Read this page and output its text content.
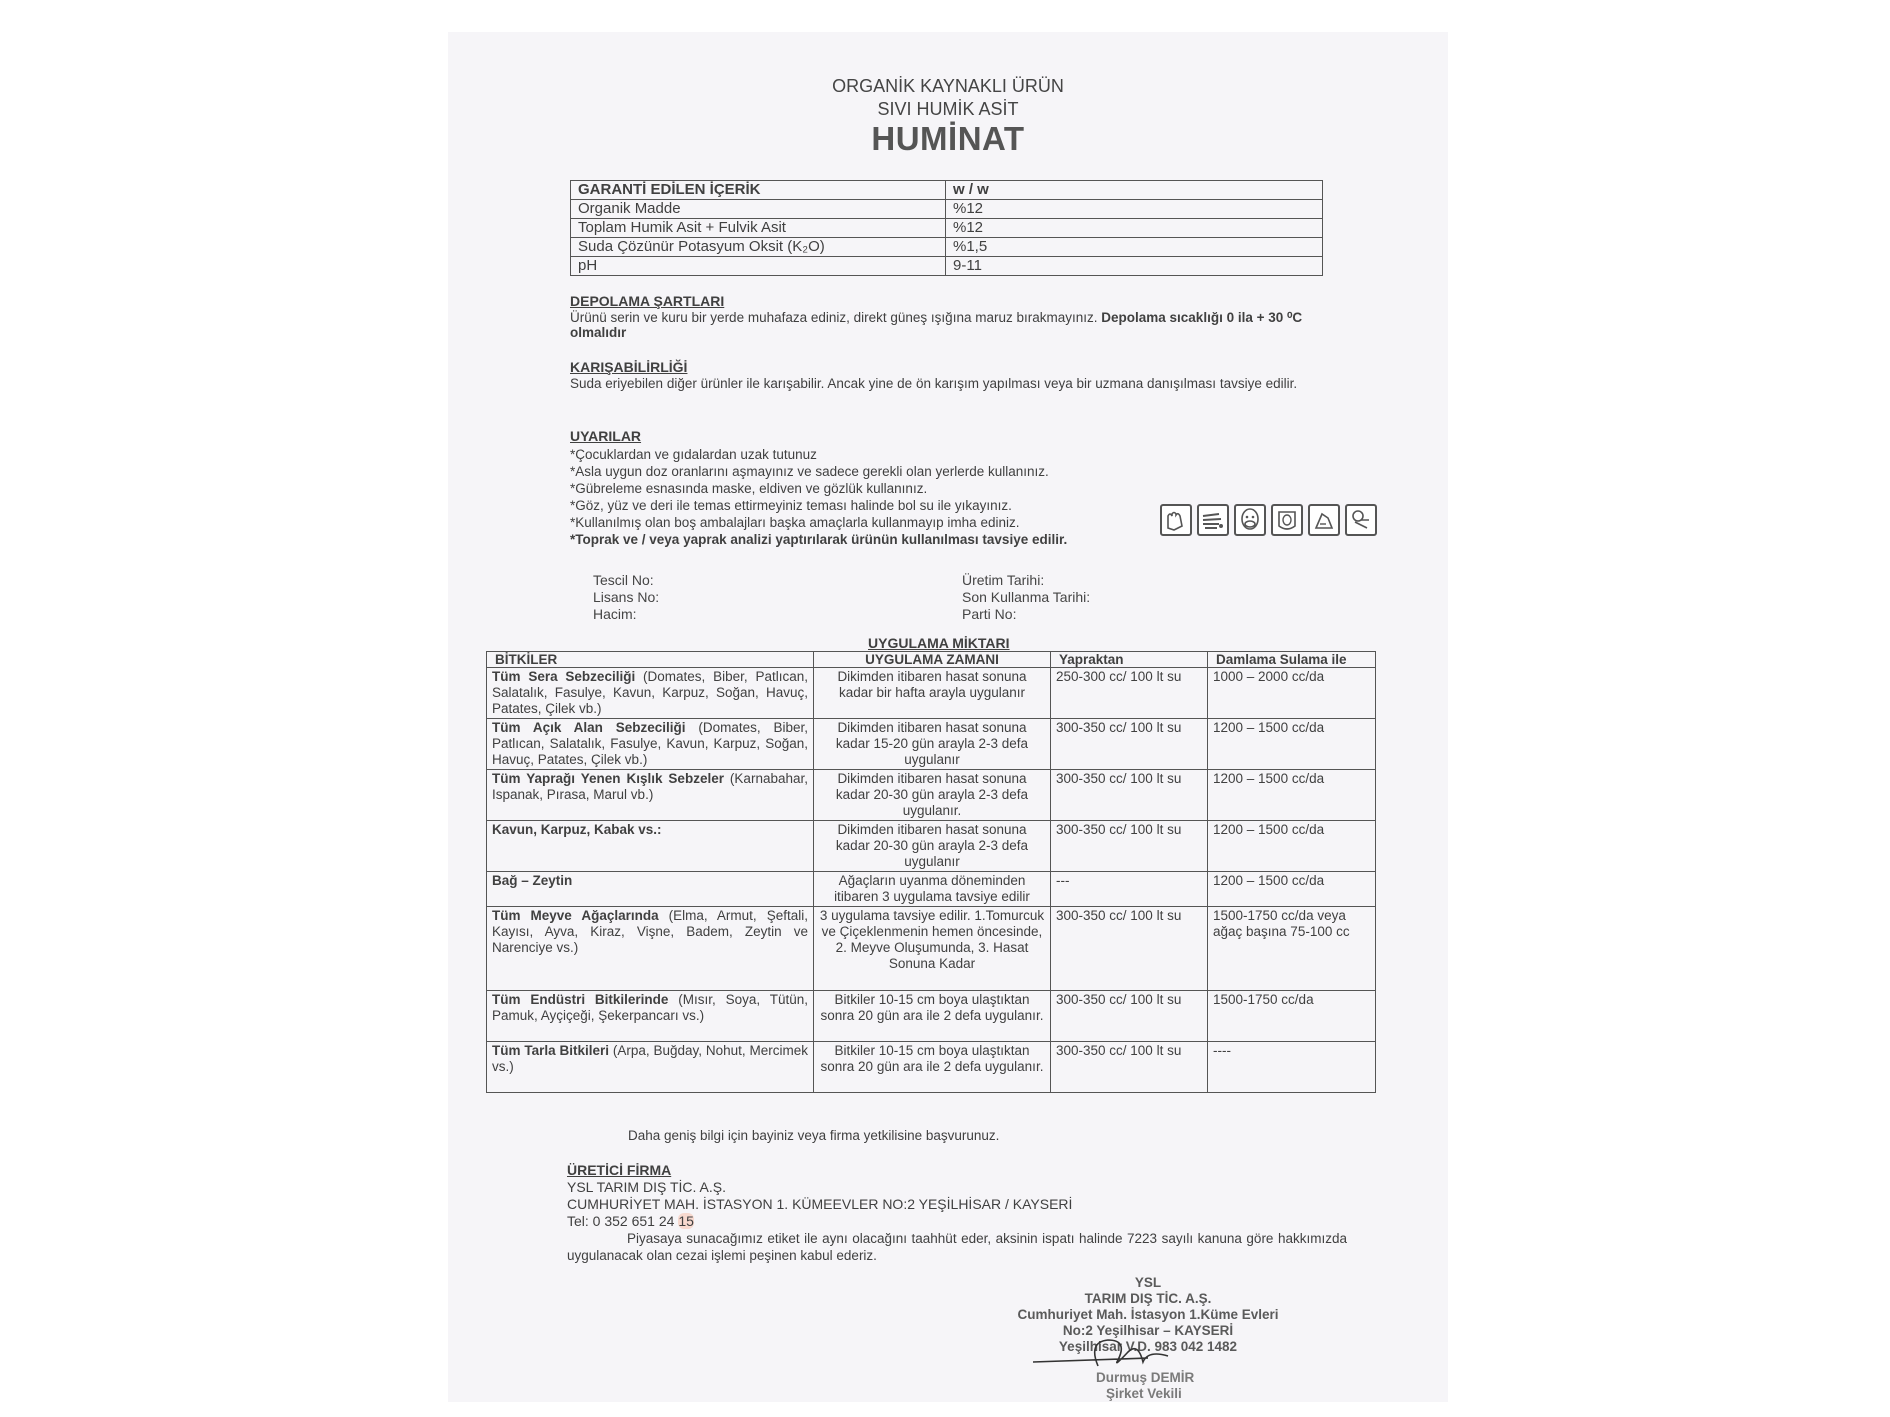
ORGANİK KAYNAKLI ÜRÜN
SIVI HUMİK ASİT
HUMİNAT
GARANTİ EDİLEN İÇERİK	w / w
Organik Madde	%12
Toplam Humik Asit + Fulvik Asit	%12
Suda Çözünür Potasyum Oksit (K₂O)	%1,5
pH	9-11
DEPOLAMA ŞARTLARI
Ürünü serin ve kuru bir yerde muhafaza ediniz, direkt güneş ışığına maruz bırakmayınız. Depolama sıcaklığı 0 ila + 30 ⁰C olmalıdır
KARIŞABİLİRLİĞİ
Suda eriyebilen diğer ürünler ile karışabilir. Ancak yine de ön karışım yapılması veya bir uzmana danışılması tavsiye edilir.
UYARILAR
*Çocuklardan ve gıdalardan uzak tutunuz
*Asla uygun doz oranlarını aşmayınız ve sadece gerekli olan yerlerde kullanınız.
*Gübreleme esnasında maske, eldiven ve gözlük kullanınız.
*Göz, yüz ve deri ile temas ettirmeyiniz teması halinde bol su ile yıkayınız.
*Kullanılmış olan boş ambalajları başka amaçlarla kullanmayıp imha ediniz.
*Toprak ve / veya yaprak analizi yaptırılarak ürünün kullanılması tavsiye edilir.
Tescil No:
Lisans No:
Hacim:
Üretim Tarihi:
Son Kullanma Tarihi:
Parti No:
UYGULAMA MİKTARI
BİTKİLER	UYGULAMA ZAMANI	Yapraktan	Damlama Sulama ile
Tüm Sera Sebzeciliği (Domates, Biber, Patlıcan, Salatalık, Fasulye, Kavun, Karpuz, Soğan, Havuç, Patates, Çilek vb.)	Dikimden itibaren hasat sonuna kadar bir hafta arayla uygulanır	250-300 cc/ 100 lt su	1000 – 2000 cc/da
Tüm Açık Alan Sebzeciliği (Domates, Biber, Patlıcan, Salatalık, Fasulye, Kavun, Karpuz, Soğan, Havuç, Patates, Çilek vb.)	Dikimden itibaren hasat sonuna kadar 15-20 gün arayla 2-3 defa uygulanır	300-350 cc/ 100 lt su	1200 – 1500 cc/da
Tüm Yaprağı Yenen Kışlık Sebzeler (Karnabahar, Ispanak, Pırasa, Marul vb.)	Dikimden itibaren hasat sonuna kadar 20-30 gün arayla 2-3 defa uygulanır.	300-350 cc/ 100 lt su	1200 – 1500 cc/da
Kavun, Karpuz, Kabak vs.:	Dikimden itibaren hasat sonuna kadar 20-30 gün arayla 2-3 defa uygulanır	300-350 cc/ 100 lt su	1200 – 1500 cc/da
Bağ – Zeytin	Ağaçların uyanma döneminden itibaren 3 uygulama tavsiye edilir	---	1200 – 1500 cc/da
Tüm Meyve Ağaçlarında (Elma, Armut, Şeftali, Kayısı, Ayva, Kiraz, Vişne, Badem, Zeytin ve Narenciye vs.)	3 uygulama tavsiye edilir. 1.Tomurcuk ve Çiçeklenmenin hemen öncesinde, 2. Meyve Oluşumunda, 3. Hasat Sonuna Kadar	300-350 cc/ 100 lt su	1500-1750 cc/da veya ağaç başına 75-100 cc
Tüm Endüstri Bitkilerinde (Mısır, Soya, Tütün, Pamuk, Ayçiçeği, Şekerpancarı vs.)	Bitkiler 10-15 cm boya ulaştıktan sonra 20 gün ara ile 2 defa uygulanır.	300-350 cc/ 100 lt su	1500-1750 cc/da
Tüm Tarla Bitkileri (Arpa, Buğday, Nohut, Mercimek vs.)	Bitkiler 10-15 cm boya ulaştıktan sonra 20 gün ara ile 2 defa uygulanır.	300-350 cc/ 100 lt su	----
Daha geniş bilgi için bayiniz veya firma yetkilisine başvurunuz.
ÜRETİCİ FİRMA
YSL TARIM DIŞ TİC. A.Ş.
CUMHURİYET MAH. İSTASYON 1. KÜMEEVLER NO:2 YEŞİLHİSAR / KAYSERİ
Tel: 0 352 651 24 15
Piyasaya sunacağımız etiket ile aynı olacağını taahhüt eder, aksinin ispatı halinde 7223 sayılı kanuna göre hakkımızda uygulanacak olan cezai işlemi peşinen kabul ederiz.
YSL
TARIM DIŞ TİC. A.Ş.
Cumhuriyet Mah. İstasyon 1.Küme Evleri
No:2 Yeşilhisar – KAYSERİ
Yeşilhisar V.D. 983 042 1482
Durmuş DEMİR
Şirket Vekili
